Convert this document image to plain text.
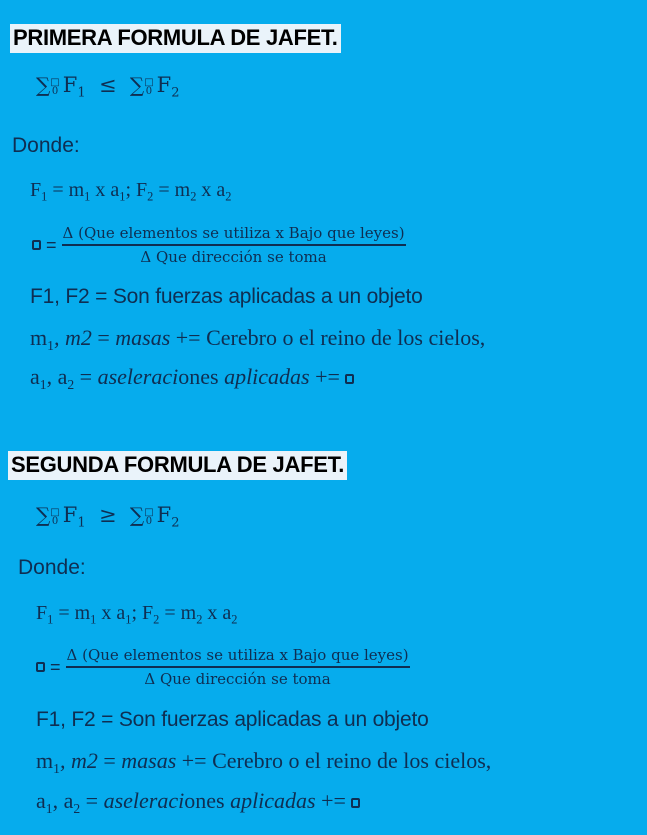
PRIMERA FORMULA DE JAFET.
∑ □
0 $F_1$ ≤ ∑ □
0 $F_2$
Donde:
$F_1 = m_1$ x $a_1$; $F_2 = m_2$ x $a_2$
= $\frac{\text{Δ (Que elementos se utiliza x Bajo que leyes)}}{\text{Δ Que dirección se toma}}$
F1, F2 = Son fuerzas aplicadas a un objeto
$m_1$, m2 = masas += Cerebro o el reino de los cielos,
$a_1$, $a_2$ = aseleraciones aplicadas +=
SEGUNDA FORMULA DE JAFET.
∑ □
0 $F_1$ ≥ ∑ □
0 $F_2$
Donde:
$F_1 = m_1$ x $a_1$; $F_2 = m_2$ x $a_2$
= $\frac{\text{Δ (Que elementos se utiliza x Bajo que leyes)}}{\text{Δ Que dirección se toma}}$
F1, F2 = Son fuerzas aplicadas a un objeto
$m_1$, m2 = masas += Cerebro o el reino de los cielos,
$a_1$, $a_2$ = aseleraciones aplicadas +=
